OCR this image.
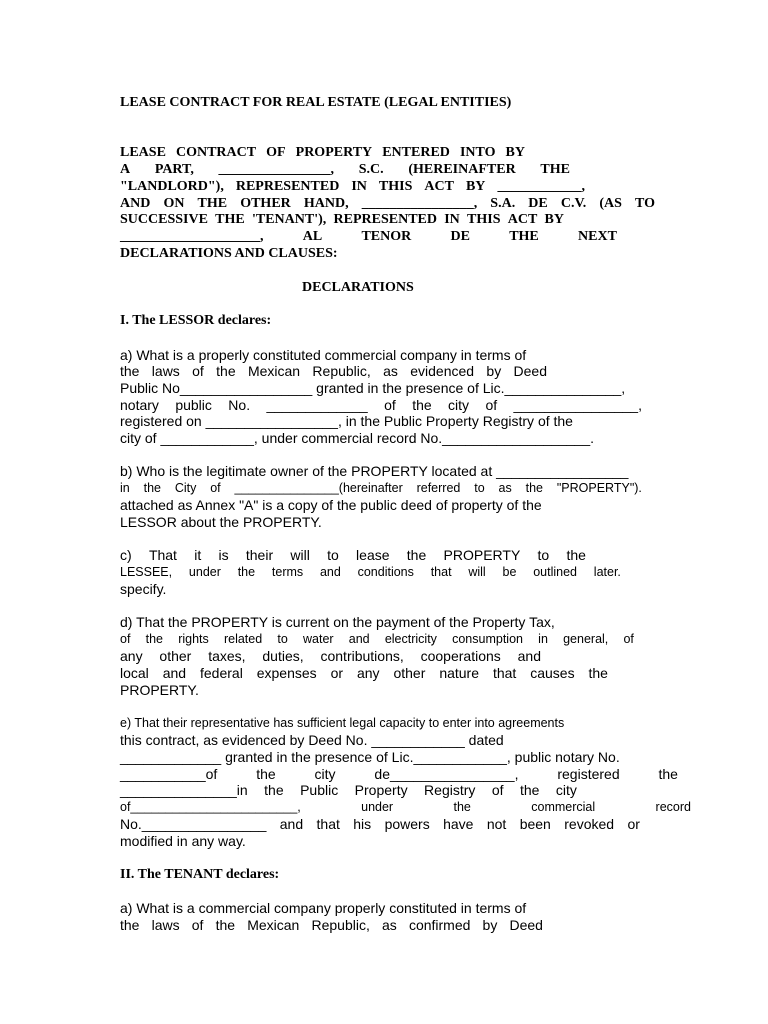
LEASE CONTRACT FOR REAL ESTATE (LEGAL ENTITIES)
LEASE CONTRACT OF PROPERTY ENTERED INTO BY
A PART, ________________, S.C. (HEREINAFTER THE
"LANDLORD"), REPRESENTED IN THIS ACT BY ____________,
AND ON THE OTHER HAND, ________________, S.A. DE C.V. (AS TO
SUCCESSIVE THE 'TENANT'), REPRESENTED IN THIS ACT BY
____________________,	AL	TENOR	DE	THE	NEXT
DECLARATIONS AND CLAUSES:
DECLARATIONS
I. The LESSOR declares:
a) What is a properly constituted commercial company in terms of
the laws of the Mexican Republic, as evidenced by Deed
Public No_________________ granted in the presence of Lic._______________,
notary public No. _____________ of the city of ________________,
registered on _________________, in the Public Property Registry of the
city of ____________, under commercial record No.___________________.
b) Who is the legitimate owner of the PROPERTY located at _________________
in the City of _______________(hereinafter referred to as the "PROPERTY").
attached as Annex "A" is a copy of the public deed of property of the
LESSOR about the PROPERTY.
c) That it is their will to lease the PROPERTY to the
LESSEE, under the terms and conditions that will be outlined later.
specify.
d) That the PROPERTY is current on the payment of the Property Tax,
of the rights related to water and electricity consumption in general, of
any other taxes, duties, contributions, cooperations and
local and federal expenses or any other nature that causes the
PROPERTY.
e) That their representative has sufficient legal capacity to enter into agreements
this contract, as evidenced by Deed No. ____________ dated
_____________ granted in the presence of Lic.____________, public notary No.
___________of	the	city	de________________,	registered	the
_______________in the Public Property Registry of the city
of________________________,	under	the	commercial	record
No.________________ and that his powers have not been revoked or
modified in any way.
II. The TENANT declares:
a) What is a commercial company properly constituted in terms of
the laws of the Mexican Republic, as confirmed by Deed
